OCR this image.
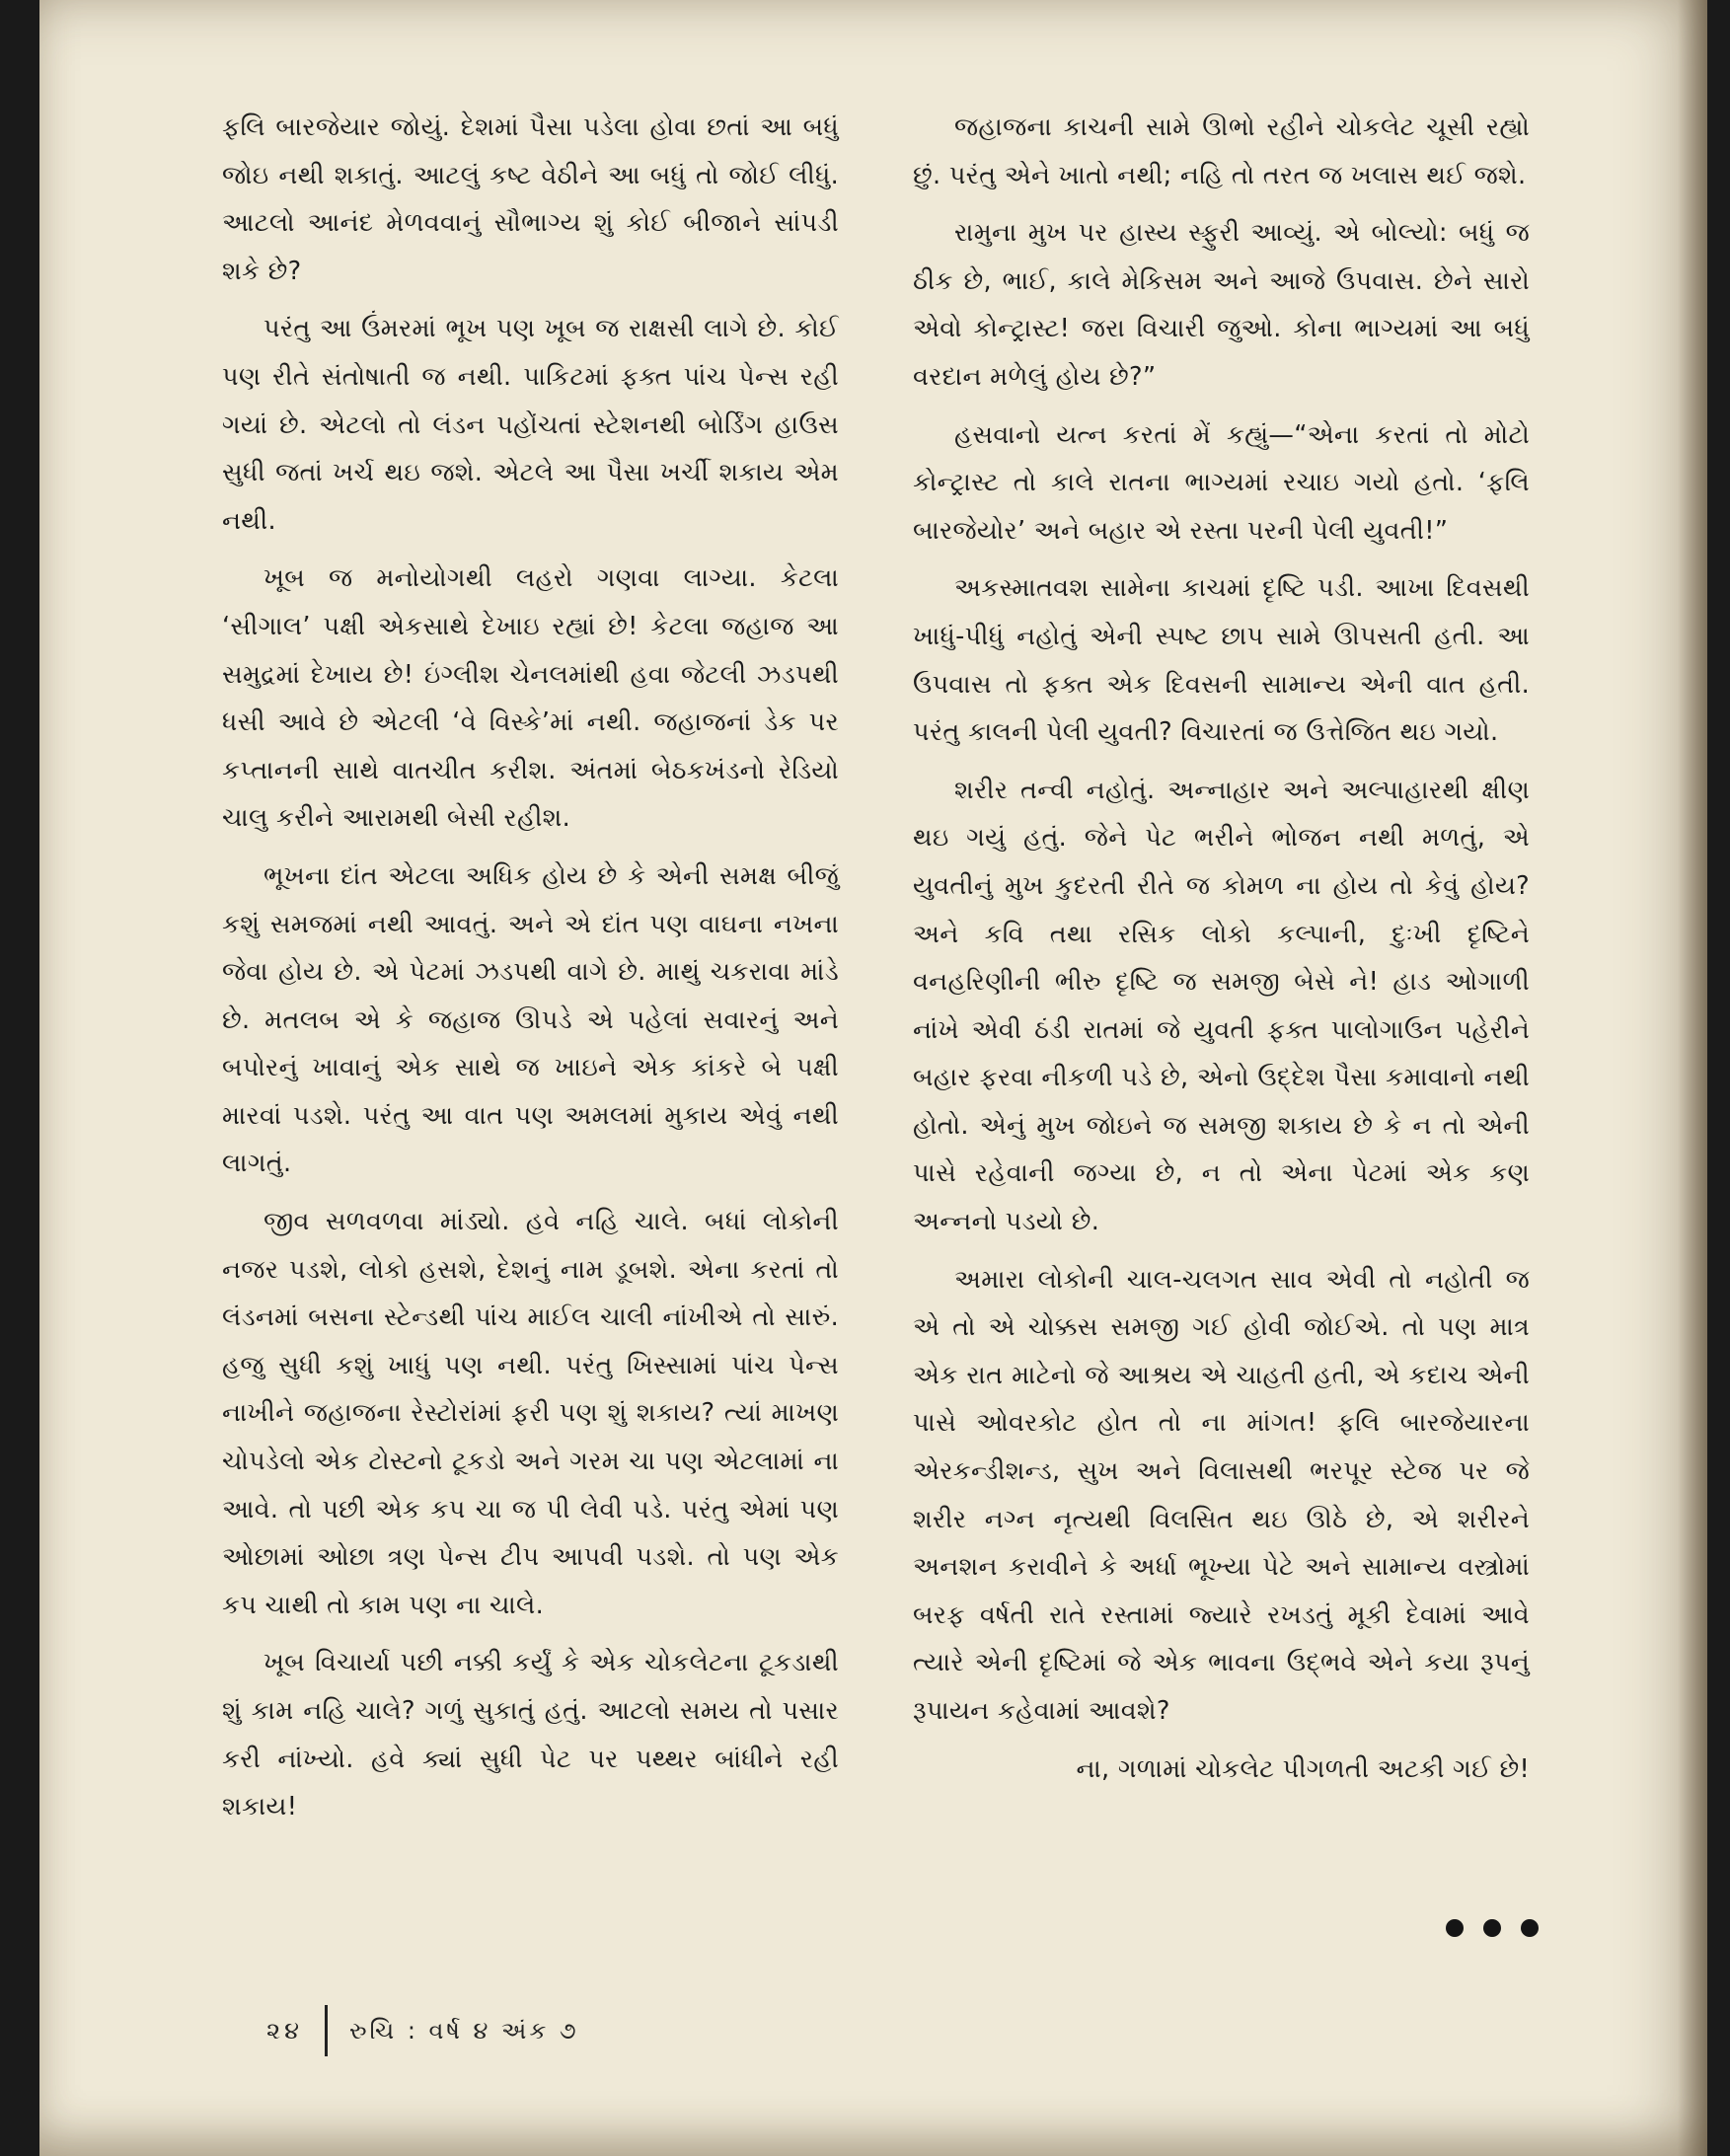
ફલિ બારજેયાર જોયું. દેશમાં પૈસા પડેલા હોવા છતાં આ બધું જોઇ નથી શકાતું. આટલું કષ્ટ વેઠીને આ બધું તો જોઈ લીધું. આટલો આનંદ મેળવવાનું સૌભાગ્ય શું કોઈ બીજાને સાંપડી શકે છે?

પરંતુ આ ઉંમરમાં ભૂખ પણ ખૂબ જ રાક્ષસી લાગે છે. કોઈ પણ રીતે સંતોષાતી જ નથી. પાકિટમાં ફક્ત પાંચ પેન્સ રહી ગયાં છે. એટલો તો લંડન પહોંચતાં સ્ટેશનથી બોર્ડિંગ હાઉસ સુધી જતાં ખર્ચ થઇ જશે. એટલે આ પૈસા ખર્ચી શકાય એમ નથી.

ખૂબ જ મનોયોગથી લહરો ગણવા લાગ્યા. કેટલા ‘સીગાલ’ પક્ષી એકસાથે દેખાઇ રહ્યાં છે! કેટલા જહાજ આ સમુદ્રમાં દેખાય છે! ઇંગ્લીશ ચેનલમાંથી હવા જેટલી ઝડપથી ધસી આવે છે એટલી ‘વે વિસ્કે’માં નથી. જહાજનાં ડેક પર કપ્તાનની સાથે વાતચીત કરીશ. અંતમાં બેઠકખંડનો રેડિયો ચાલુ કરીને આરામથી બેસી રહીશ.

ભૂખના દાંત એટલા અધિક હોય છે કે એની સમક્ષ બીજું કશું સમજમાં નથી આવતું. અને એ દાંત પણ વાઘના નખના જેવા હોય છે. એ પેટમાં ઝડપથી વાગે છે. માથું ચકરાવા માંડે છે. મતલબ એ કે જહાજ ઊપડે એ પહેલાં સવારનું અને બપોરનું ખાવાનું એક સાથે જ ખાઇને એક કાંકરે બે પક્ષી મારવાં પડશે. પરંતુ આ વાત પણ અમલમાં મુકાય એવું નથી લાગતું.

જીવ સળવળવા માંડ્યો. હવે નહિ ચાલે. બધાં લોકોની નજર પડશે, લોકો હસશે, દેશનું નામ ડૂબશે. એના કરતાં તો લંડનમાં બસના સ્ટેન્ડથી પાંચ માઈલ ચાલી નાંખીએ તો સારું. હજુ સુધી કશું ખાધું પણ નથી. પરંતુ ખિસ્સામાં પાંચ પેન્સ નાખીને જહાજના રેસ્ટોરાંમાં ફરી પણ શું શકાય? ત્યાં માખણ ચોપડેલો એક ટોસ્ટનો ટૂકડો અને ગરમ ચા પણ એટલામાં ના આવે. તો પછી એક કપ ચા જ પી લેવી પડે. પરંતુ એમાં પણ ઓછામાં ઓછા ત્રણ પેન્સ ટીપ આપવી પડશે. તો પણ એક કપ ચાથી તો કામ પણ ના ચાલે.

ખૂબ વિચાર્યા પછી નક્કી કર્યું કે એક ચોકલેટના ટૂકડાથી શું કામ નહિ ચાલે? ગળું સુકાતું હતું. આટલો સમય તો પસાર કરી નાંખ્યો. હવે ક્યાં સુધી પેટ પર પથ્થર બાંધીને રહી શકાય!

જહાજના કાચની સામે ઊભો રહીને ચોકલેટ ચૂસી રહ્યો છું. પરંતુ એને ખાતો નથી; નહિ તો તરત જ ખલાસ થઈ જશે.

રામુના મુખ પર હાસ્ય સ્ફુરી આવ્યું. એ બોલ્યો: બધું જ ઠીક છે, ભાઈ, કાલે મેકિસમ અને આજે ઉપવાસ. છેને સારો એવો કોન્ટ્રાસ્ટ! જરા વિચારી જુઓ. કોના ભાગ્યમાં આ બધું વરદાન મળેલું હોય છે?”

હસવાનો યત્ન કરતાં મેં કહ્યું—“એના કરતાં તો મોટો કોન્ટ્રાસ્ટ તો કાલે રાતના ભાગ્યમાં રચાઇ ગયો હતો. ‘ફલિ બારજેયોર’ અને બહાર એ રસ્તા પરની પેલી યુવતી!”

અકસ્માતવશ સામેના કાચમાં દૃષ્ટિ પડી. આખા દિવસથી ખાધું-પીધું નહોતું એની સ્પષ્ટ છાપ સામે ઊપસતી હતી. આ ઉપવાસ તો ફક્ત એક દિવસની સામાન્ય એની વાત હતી. પરંતુ કાલની પેલી યુવતી? વિચારતાં જ ઉત્તેજિત થઇ ગયો.

શરીર તન્વી નહોતું. અન્નાહાર અને અલ્પાહારથી ક્ષીણ થઇ ગયું હતું. જેને પેટ ભરીને ભોજન નથી મળતું, એ યુવતીનું મુખ કુદરતી રીતે જ કોમળ ના હોય તો કેવું હોય? અને કવિ તથા રસિક લોકો કલ્પાની, દુઃખી દૃષ્ટિને વનહરિણીની ભીરુ દૃષ્ટિ જ સમજી બેસે ને! હાડ ઓગાળી નાંખે એવી ઠંડી રાતમાં જે યુવતી ફક્ત પાલોગાઉન પહેરીને બહાર ફરવા નીકળી પડે છે, એનો ઉદ્દેશ પૈસા કમાવાનો નથી હોતો. એનું મુખ જોઇને જ સમજી શકાય છે કે ન તો એની પાસે રહેવાની જગ્યા છે, ન તો એના પેટમાં એક કણ અન્નનો પડયો છે.

અમારા લોકોની ચાલ-ચલગત સાવ એવી તો નહોતી જ એ તો એ ચોક્કસ સમજી ગઈ હોવી જોઈએ. તો પણ માત્ર એક રાત માટેનો જે આશ્રય એ ચાહતી હતી, એ કદાચ એની પાસે ઓવરકોટ હોત તો ના માંગત! ફલિ બારજેયારના એરકન્ડીશન્ડ, સુખ અને વિલાસથી ભરપૂર સ્ટેજ પર જે શરીર નગ્ન નૃત્યથી વિલસિત થઇ ઊઠે છે, એ શરીરને અનશન કરાવીને કે અર્ધા ભૂખ્યા પેટે અને સામાન્ય વસ્ત્રોમાં બરફ વર્ષતી રાતે રસ્તામાં જ્યારે રખડતું મૂકી દેવામાં આવે ત્યારે એની દૃષ્ટિમાં જે એક ભાવના ઉદ્ભવે એને કયા રૂપનું રૂપાયન કહેવામાં આવશે?

ના, ગળામાં ચોકલેટ પીગળતી અટકી ગઈ છે!

૨૪ રુચિ : વર્ષ ૪ અંક ૭
